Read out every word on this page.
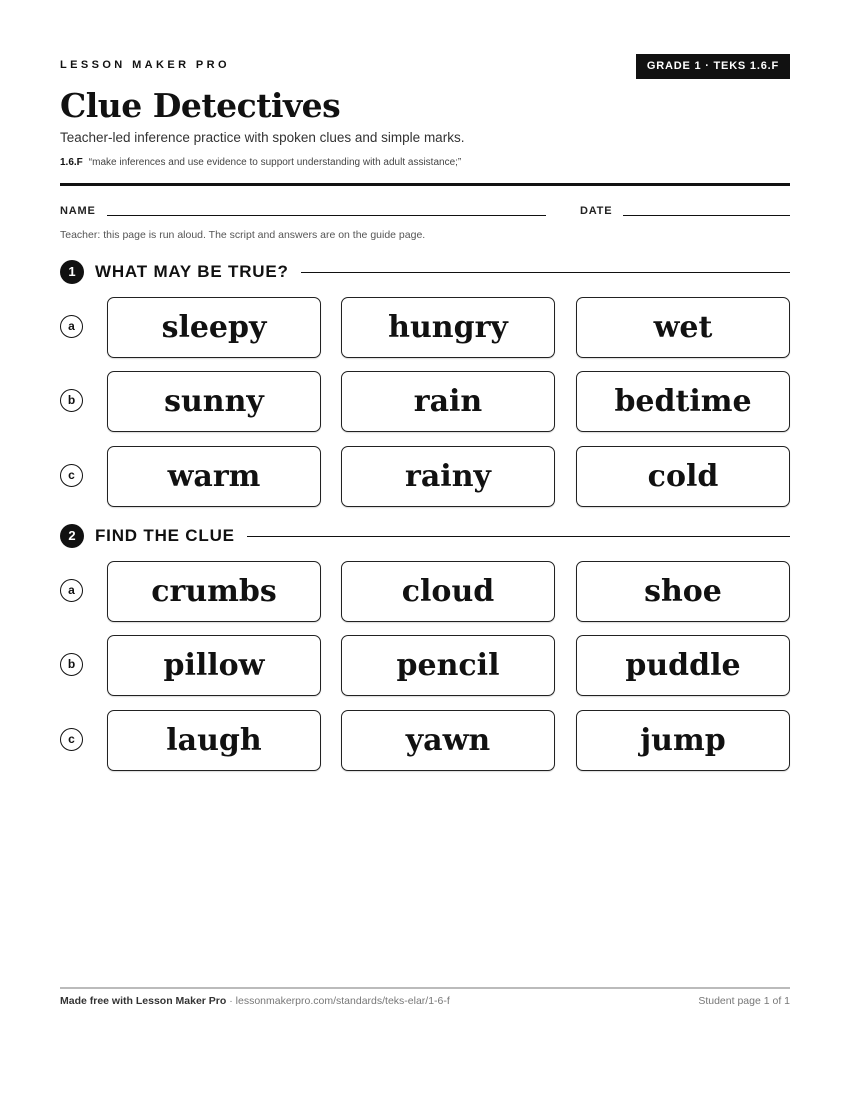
LESSON MAKER PRO	GRADE 1 · TEKS 1.6.F
Clue Detectives
Teacher-led inference practice with spoken clues and simple marks.
1.6.F “make inferences and use evidence to support understanding with adult assistance;”
NAME	DATE
Teacher: this page is run aloud. The script and answers are on the guide page.
1	WHAT MAY BE TRUE?
a	sleepy	hungry	wet
b	sunny	rain	bedtime
c	warm	rainy	cold
2	FIND THE CLUE
a	crumbs	cloud	shoe
b	pillow	pencil	puddle
c	laugh	yawn	jump
Made free with Lesson Maker Pro · lessonmakerpro.com/standards/teks-elar/1-6-f	Student page 1 of 1
